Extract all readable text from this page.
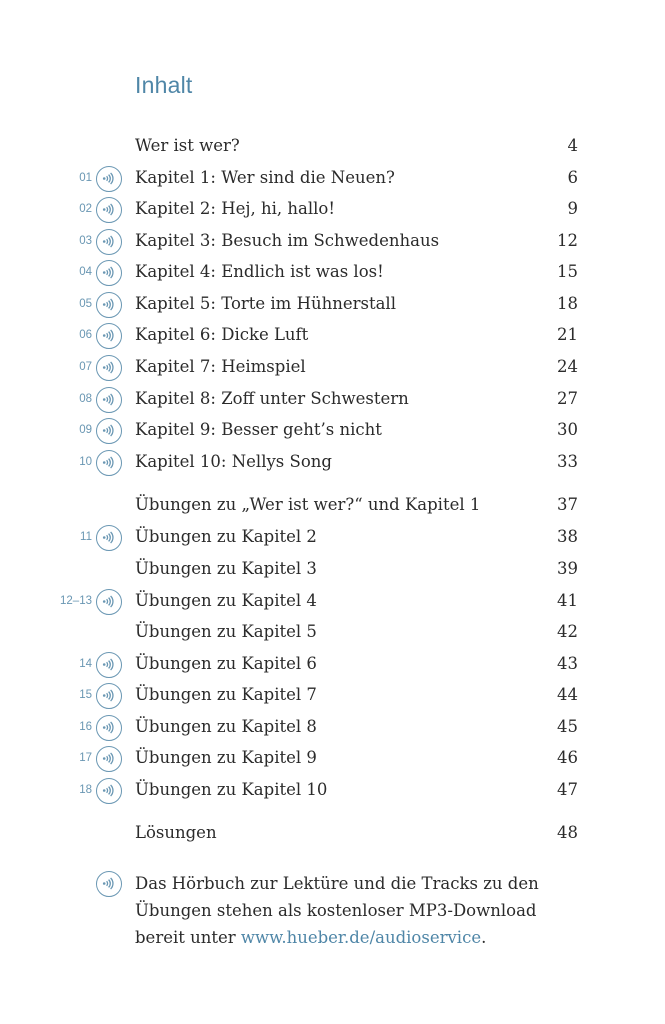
Inhalt
Wer ist wer?	4
01	Kapitel 1: Wer sind die Neuen?	6
02	Kapitel 2: Hej, hi, hallo!	9
03	Kapitel 3: Besuch im Schwedenhaus	12
04	Kapitel 4: Endlich ist was los!	15
05	Kapitel 5: Torte im Hühnerstall	18
06	Kapitel 6: Dicke Luft	21
07	Kapitel 7: Heimspiel	24
08	Kapitel 8: Zoff unter Schwestern	27
09	Kapitel 9: Besser geht’s nicht	30
10	Kapitel 10: Nellys Song	33
Übungen zu „Wer ist wer?“ und Kapitel 1	37
11	Übungen zu Kapitel 2	38
Übungen zu Kapitel 3	39
12–13	Übungen zu Kapitel 4	41
Übungen zu Kapitel 5	42
14	Übungen zu Kapitel 6	43
15	Übungen zu Kapitel 7	44
16	Übungen zu Kapitel 8	45
17	Übungen zu Kapitel 9	46
18	Übungen zu Kapitel 10	47
Lösungen	48
Das Hörbuch zur Lektüre und die Tracks zu den
Übungen stehen als kostenloser MP3-Download
bereit unter www.hueber.de/audioservice.
